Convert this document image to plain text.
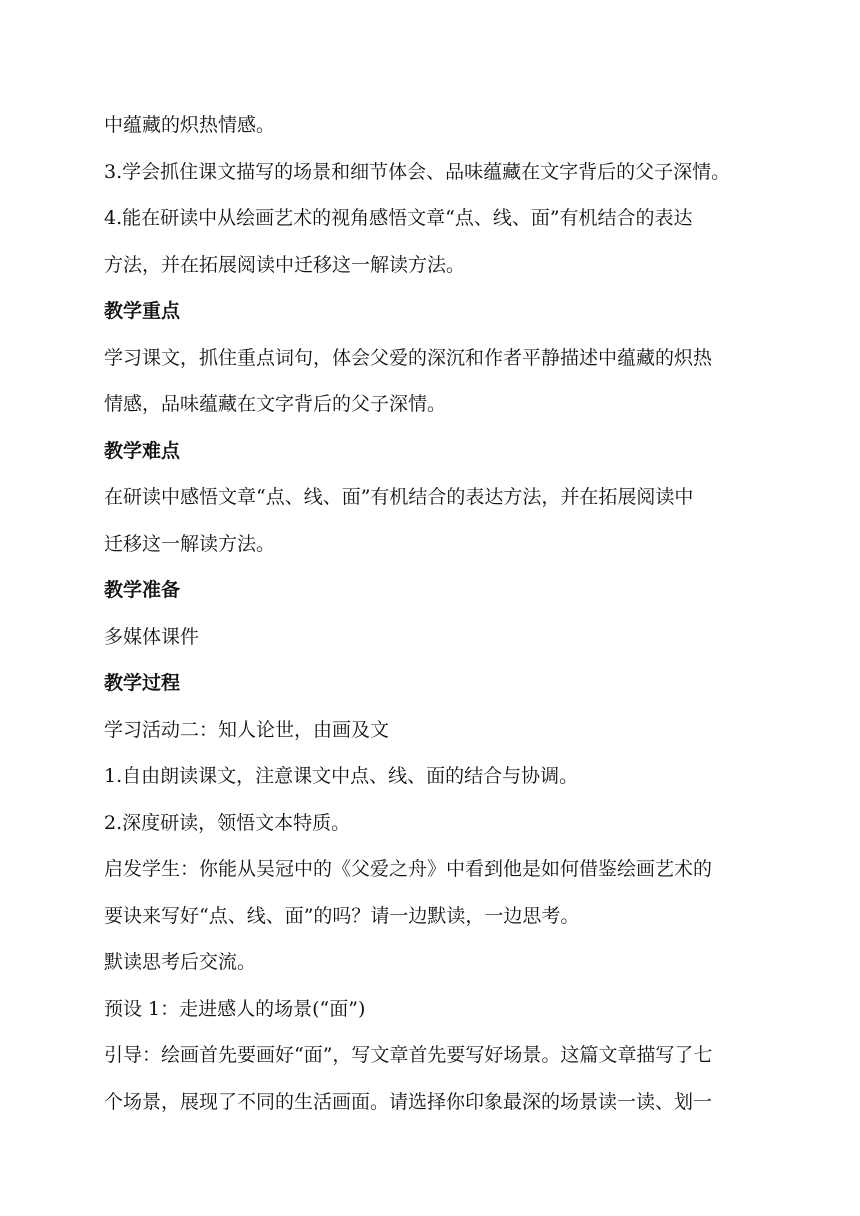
中蕴藏的炽热情感。
3.学会抓住课文描写的场景和细节体会、品味蕴藏在文字背后的父子深情。
4.能在研读中从绘画艺术的视角感悟文章“点、线、面”有机结合的表达
方法，并在拓展阅读中迁移这一解读方法。
教学重点
学习课文，抓住重点词句，体会父爱的深沉和作者平静描述中蕴藏的炽热
情感，品味蕴藏在文字背后的父子深情。
教学难点
在研读中感悟文章“点、线、面”有机结合的表达方法，并在拓展阅读中
迁移这一解读方法。
教学准备
多媒体课件
教学过程
学习活动二：知人论世，由画及文
1.自由朗读课文，注意课文中点、线、面的结合与协调。
2.深度研读，领悟文本特质。
启发学生：你能从吴冠中的《父爱之舟》中看到他是如何借鉴绘画艺术的
要诀来写好“点、线、面”的吗？请一边默读，一边思考。
默读思考后交流。
预设 1：走进感人的场景(“面”)
引导：绘画首先要画好“面”，写文章首先要写好场景。这篇文章描写了七
个场景，展现了不同的生活画面。请选择你印象最深的场景读一读、划一
